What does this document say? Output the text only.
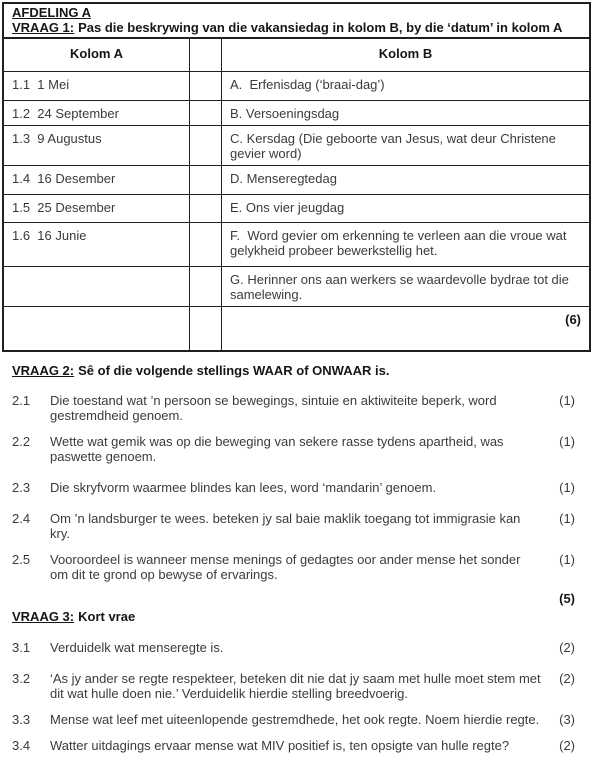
AFDELING A
VRAAG 1: Pas die beskrywing van die vakansiedag in kolom B, by die ‘datum’ in kolom A
Kolom A	Kolom B
1.1  1 Mei	A.  Erfenisdag (‘braai-dag’)
1.2  24 September	B. Versoeningsdag
1.3  9 Augustus	C. Kersdag (Die geboorte van Jesus, wat deur Christene gevier word)
1.4  16 Desember	D. Menseregtedag
1.5  25 Desember	E. Ons vier jeugdag
1.6  16 Junie	F.  Word gevier om erkenning te verleen aan die vroue wat gelykheid probeer bewerkstellig het.
G. Herinner ons aan werkers se waardevolle bydrae tot die samelewing.
(6)
VRAAG 2: Sê of die volgende stellings WAAR of ONWAAR is.
2.1	Die toestand wat ’n persoon se bewegings, sintuie en aktiwiteite beperk, word gestremdheid genoem.
(1)
2.2	Wette wat gemik was op die beweging van sekere rasse tydens apartheid, was paswette genoem.
(1)
2.3	Die skryfvorm waarmee blindes kan lees, word ‘mandarin’ genoem.	(1)
2.4	Om ’n landsburger te wees. beteken jy sal baie maklik toegang tot immigrasie kan kry.
(1)
2.5	Vooroordeel is wanneer mense menings of gedagtes oor ander mense het sonder om dit te grond op bewyse of ervarings.
(1)
(5)
VRAAG 3: Kort vrae
3.1	Verduidelk wat menseregte is.	(2)
3.2	‘As jy ander se regte respekteer, beteken dit nie dat jy saam met hulle moet stem met dit wat hulle doen nie.’ Verduidelik hierdie stelling breedvoerig.
(2)
3.3	Mense wat leef met uiteenlopende gestremdhede, het ook regte. Noem hierdie regte.	(3)
3.4	Watter uitdagings ervaar mense wat MIV positief is, ten opsigte van hulle regte?	(2)
